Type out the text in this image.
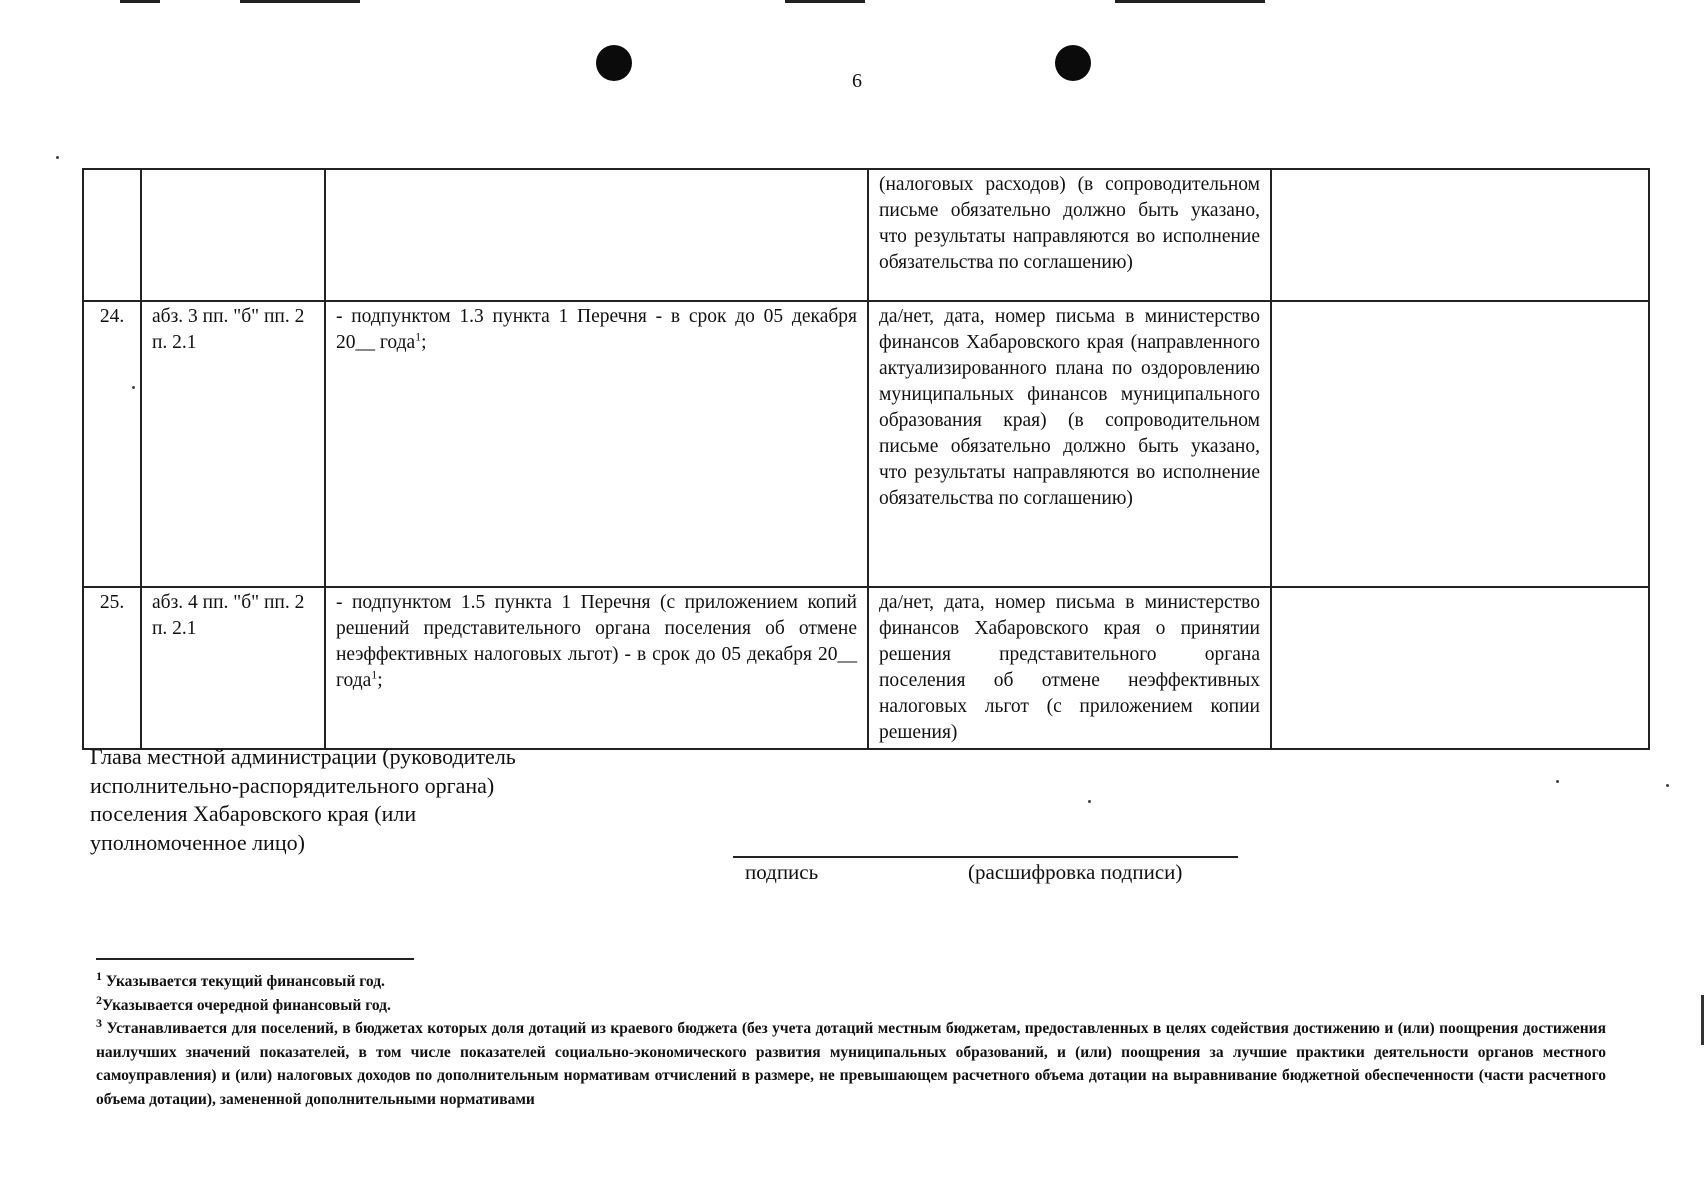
6
			(налоговых расходов) (в сопроводительном письме обязательно должно быть указано, что результаты направляются во исполнение обязательства по соглашению)	
24.	абз. 3 пп. "б" пп. 2 п. 2.1	- подпунктом 1.3 пункта 1 Перечня - в срок до 05 декабря 20__ года$^1$;	да/нет, дата, номер письма в министерство финансов Хабаровского края (направленного актуализированного плана по оздоровлению муниципальных финансов муниципального образования края) (в сопроводительном письме обязательно должно быть указано, что результаты направляются во исполнение обязательства по соглашению)	
25.	абз. 4 пп. "б" пп. 2 п. 2.1	- подпунктом 1.5 пункта 1 Перечня (с приложением копий решений представительного органа поселения об отмене неэффективных налоговых льгот) - в срок до 05 декабря 20__ года$^1$;	да/нет, дата, номер письма в министерство финансов Хабаровского края о принятии решения представительного органа поселения об отмене неэффективных налоговых льгот (с приложением копии решения)	
Глава местной администрации (руководитель
исполнительно-распорядительного органа)
поселения Хабаровского края (или
уполномоченное лицо)
подпись	(расшифровка подписи)

$^1$ Указывается текущий финансовый год.

$^2$Указывается очередной финансовый год.

$^3$ Устанавливается для поселений, в бюджетах которых доля дотаций из краевого бюджета (без учета дотаций местным бюджетам, предоставленных в целях содействия достижению и (или) поощрения достижения наилучших значений показателей, в том числе показателей социально-экономического развития муниципальных образований, и (или) поощрения за лучшие практики деятельности органов местного самоуправления) и (или) налоговых доходов по дополнительным нормативам отчислений в размере, не превышающем расчетного объема дотации на выравнивание бюджетной обеспеченности (части расчетного объема дотации), замененной дополнительными нормативами
